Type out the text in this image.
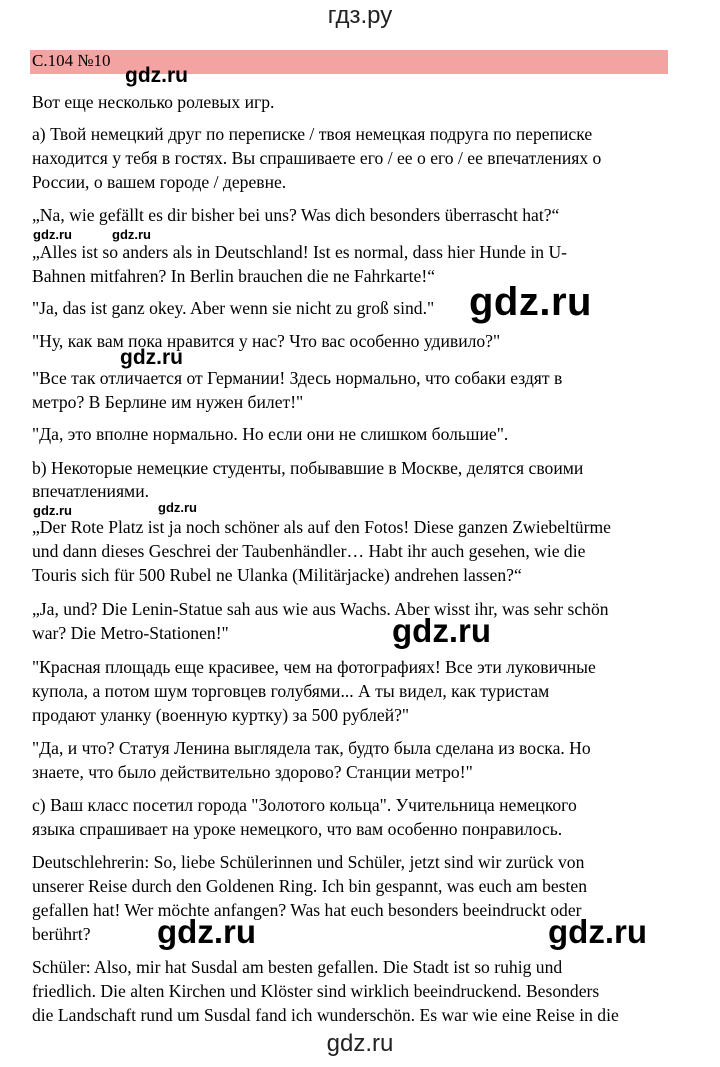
гдз.ру
С.104 №10
gdz.ru
Вот еще несколько ролевых игр.
а) Твой немецкий друг по переписке / твоя немецкая подруга по переписке
находится у тебя в гостях. Вы спрашиваете его / ее о его / ее впечатлениях о
России, о вашем городе / деревне.
„Na, wie gefällt es dir bisher bei uns? Was dich besonders überrascht hat?“
gdz.ru	gdz.ru
„Alles ist so anders als in Deutschland! Ist es normal, dass hier Hunde in U-
Bahnen mitfahren? In Berlin brauchen die ne Fahrkarte!“
"Ja, das ist ganz okey. Aber wenn sie nicht zu groß sind." gdz.ru
"Ну, как вам пока нравится у нас? Что вас особенно удивило?"
gdz.ru
"Все так отличается от Германии! Здесь нормально, что собаки ездят в
метро? В Берлине им нужен билет!"
"Да, это вполне нормально. Но если они не слишком большие".
b) Некоторые немецкие студенты, побывавшие в Москве, делятся своими
впечатлениями.
gdz.ru	gdz.ru
„Der Rote Platz ist ja noch schöner als auf den Fotos! Diese ganzen Zwiebeltürme
und dann dieses Geschrei der Taubenhändler… Habt ihr auch gesehen, wie die
Touris sich für 500 Rubel ne Ulanka (Militärjacke) andrehen lassen?“
„Ja, und? Die Lenin-Statue sah aus wie aus Wachs. Aber wisst ihr, was sehr schön
war? Die Metro-Stationen!"	gdz.ru
"Красная площадь еще красивее, чем на фотографиях! Все эти луковичные
купола, а потом шум торговцев голубями... А ты видел, как туристам
продают уланку (военную куртку) за 500 рублей?"
"Да, и что? Статуя Ленина выглядела так, будто была сделана из воска. Но
знаете, что было действительно здорово? Станции метро!"
с) Ваш класс посетил города "Золотого кольца". Учительница немецкого
языка спрашивает на уроке немецкого, что вам особенно понравилось.
Deutschlehrerin: So, liebe Schülerinnen und Schüler, jetzt sind wir zurück von
unserer Reise durch den Goldenen Ring. Ich bin gespannt, was euch am besten
gefallen hat! Wer möchte anfangen? Was hat euch besonders beeindruckt oder
berührt?	gdz.ru	gdz.ru
Schüler: Also, mir hat Susdal am besten gefallen. Die Stadt ist so ruhig und
friedlich. Die alten Kirchen und Klöster sind wirklich beeindruckend. Besonders
die Landschaft rund um Susdal fand ich wunderschön. Es war wie eine Reise in die
gdz.ru
